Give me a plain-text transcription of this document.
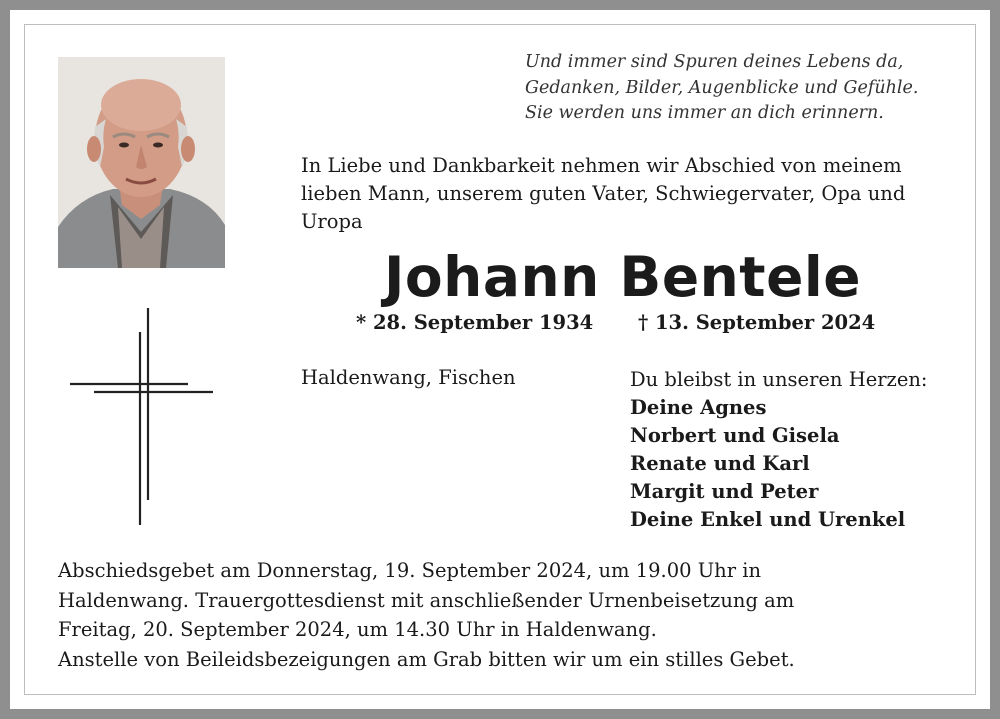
Und immer sind Spuren deines Lebens da,
Gedanken, Bilder, Augenblicke und Gefühle.
Sie werden uns immer an dich erinnern.
In Liebe und Dankbarkeit nehmen wir Abschied von meinem
lieben Mann, unserem guten Vater, Schwiegervater, Opa und
Uropa
Johann Bentele
* 28. September 1934 † 13. September 2024
Haldenwang, Fischen	Du bleibst in unseren Herzen:
Deine Agnes
Norbert und Gisela
Renate und Karl
Margit und Peter
Deine Enkel und Urenkel
Abschiedsgebet am Donnerstag, 19. September 2024, um 19.00 Uhr in
Haldenwang. Trauergottesdienst mit anschließender Urnenbeisetzung am
Freitag, 20. September 2024, um 14.30 Uhr in Haldenwang.
Anstelle von Beileidsbezeigungen am Grab bitten wir um ein stilles Gebet.
